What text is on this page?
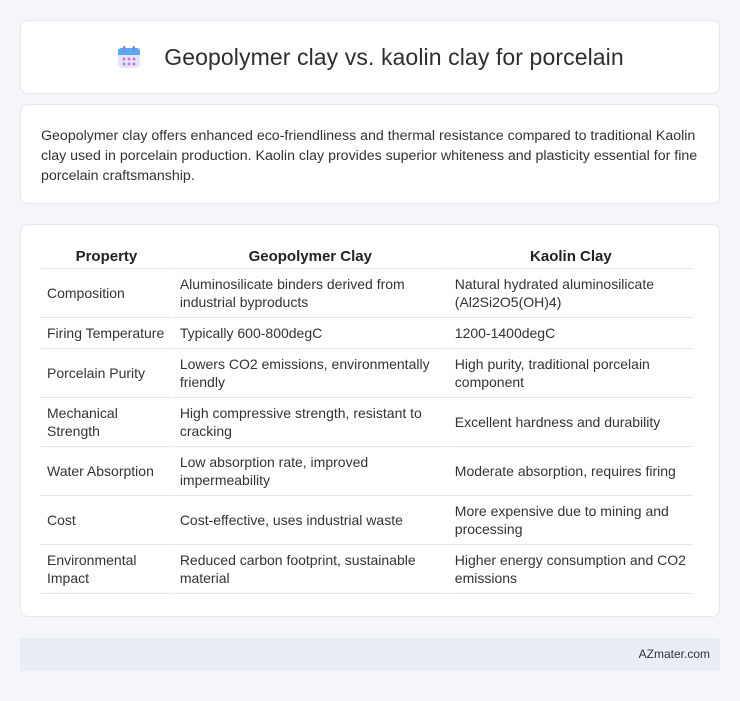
Geopolymer clay vs. kaolin clay for porcelain

Geopolymer clay offers enhanced eco-friendliness and thermal resistance compared to traditional Kaolin clay used in porcelain production. Kaolin clay provides superior whiteness and plasticity essential for fine porcelain craftsmanship.

Property	Geopolymer Clay	Kaolin Clay
Composition	Aluminosilicate binders derived from industrial byproducts	Natural hydrated aluminosilicate (Al2Si2O5(OH)4)
Firing Temperature	Typically 600-800degC	1200-1400degC
Porcelain Purity	Lowers CO2 emissions, environmentally friendly	High purity, traditional porcelain component
Mechanical Strength	High compressive strength, resistant to cracking	Excellent hardness and durability
Water Absorption	Low absorption rate, improved impermeability	Moderate absorption, requires firing
Cost	Cost-effective, uses industrial waste	More expensive due to mining and processing
Environmental Impact	Reduced carbon footprint, sustainable material	Higher energy consumption and CO2 emissions
AZmater.com
